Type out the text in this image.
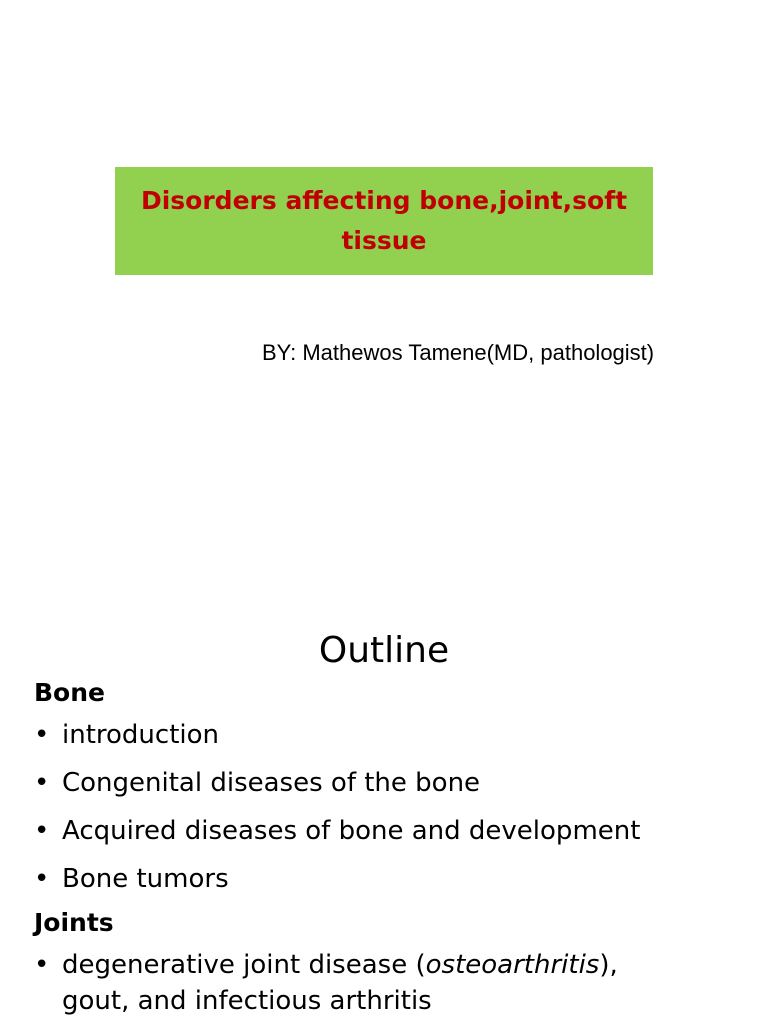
Disorders affecting bone,joint,soft tissue

BY: Mathewos Tamene(MD, pathologist)

Outline

Bone

• introduction
• Congenital diseases of the bone
• Acquired diseases of bone and development
• Bone tumors

Joints

• degenerative joint disease (osteoarthritis),
gout, and infectious arthritis
